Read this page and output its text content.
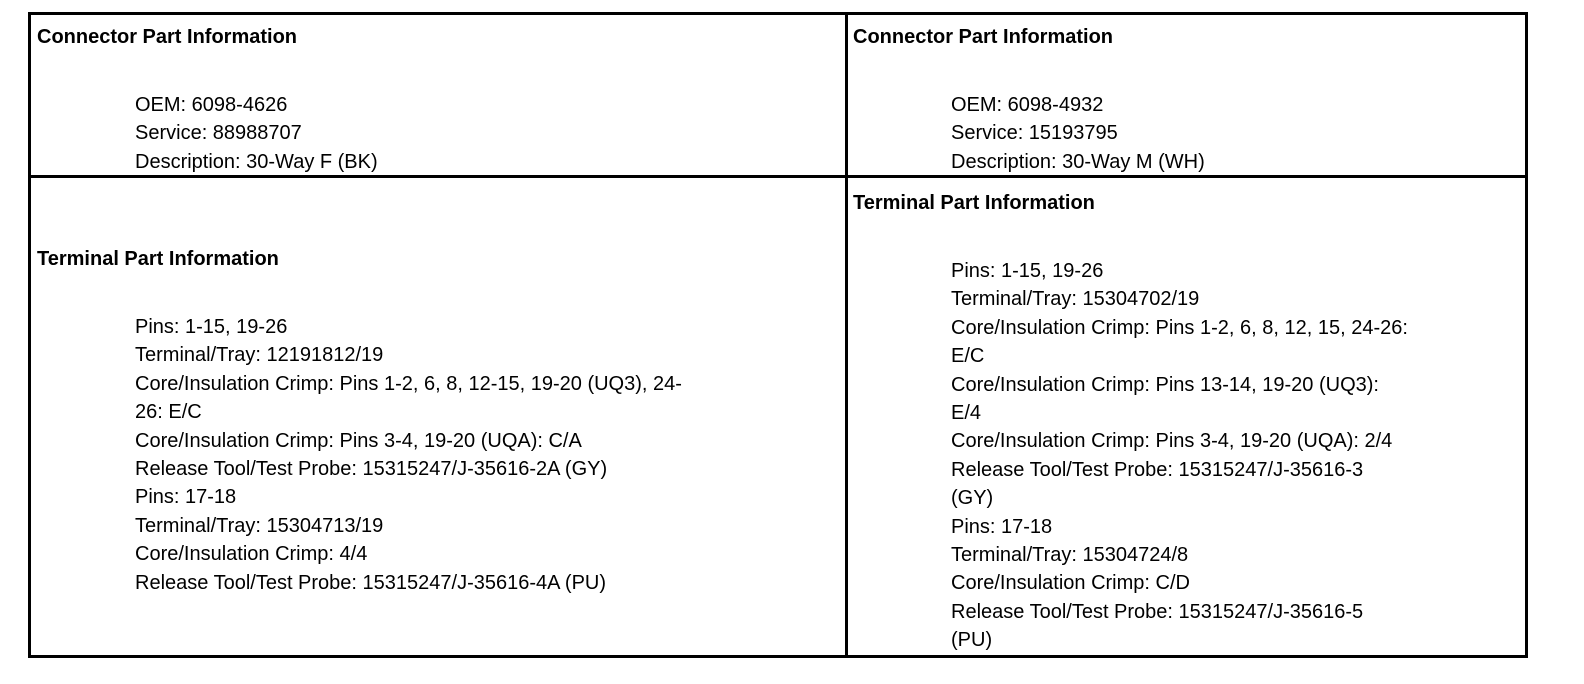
Connector Part Information
OEM: 6098-4626
Service: 88988707
Description: 30-Way F (BK)
Connector Part Information
OEM: 6098-4932
Service: 15193795
Description: 30-Way M (WH)
Terminal Part Information
Pins: 1-15, 19-26
Terminal/Tray: 12191812/19
Core/Insulation Crimp: Pins 1-2, 6, 8, 12-15, 19-20 (UQ3), 24-
26: E/C
Core/Insulation Crimp: Pins 3-4, 19-20 (UQA): C/A
Release Tool/Test Probe: 15315247/J-35616-2A (GY)
Pins: 17-18
Terminal/Tray: 15304713/19
Core/Insulation Crimp: 4/4
Release Tool/Test Probe: 15315247/J-35616-4A (PU)
Terminal Part Information
Pins: 1-15, 19-26
Terminal/Tray: 15304702/19
Core/Insulation Crimp: Pins 1-2, 6, 8, 12, 15, 24-26:
E/C
Core/Insulation Crimp: Pins 13-14, 19-20 (UQ3):
E/4
Core/Insulation Crimp: Pins 3-4, 19-20 (UQA): 2/4
Release Tool/Test Probe: 15315247/J-35616-3
(GY)
Pins: 17-18
Terminal/Tray: 15304724/8
Core/Insulation Crimp: C/D
Release Tool/Test Probe: 15315247/J-35616-5
(PU)
